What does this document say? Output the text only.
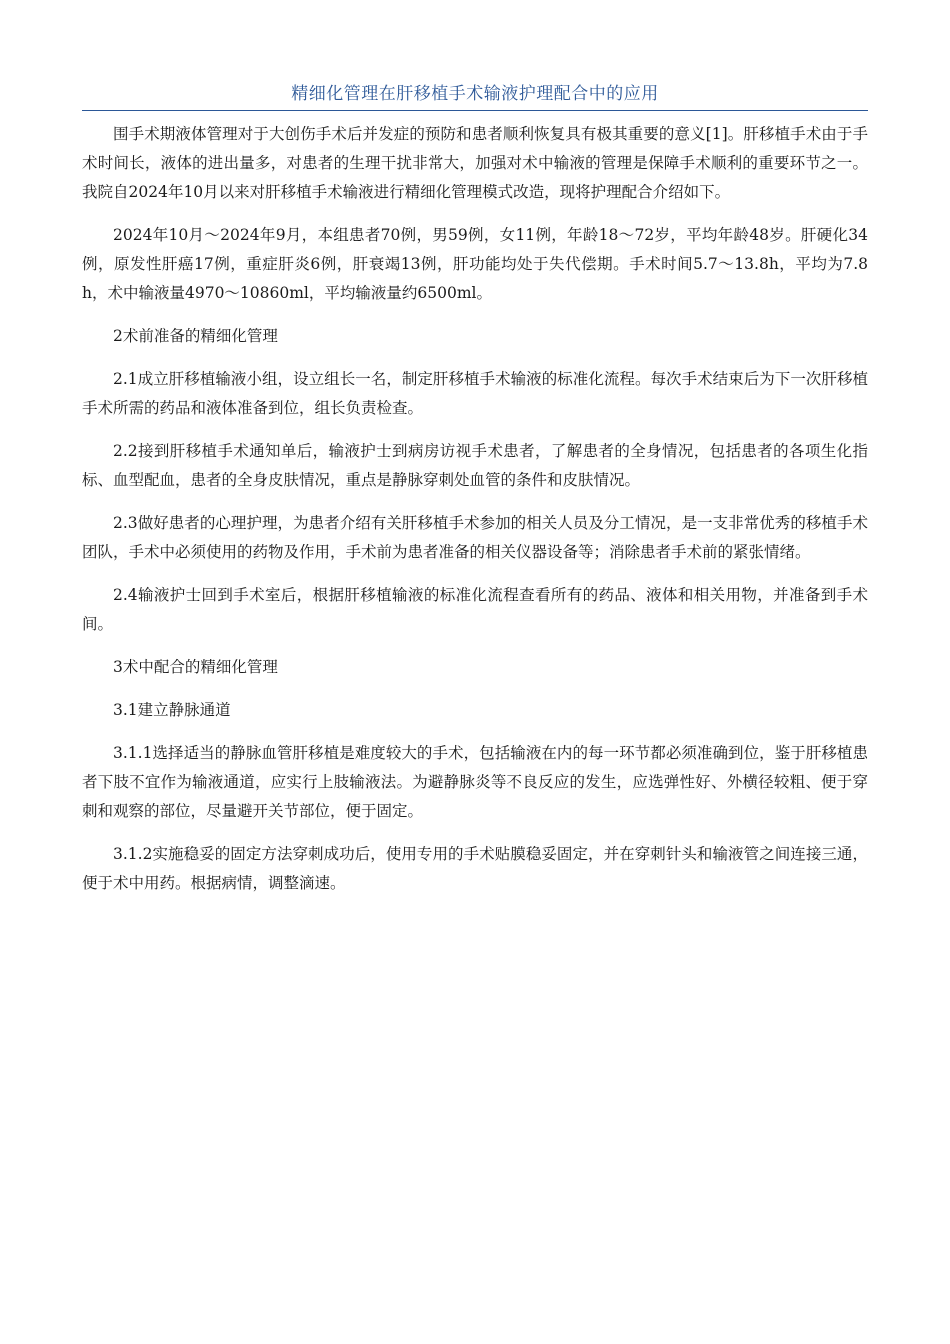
精细化管理在肝移植手术输液护理配合中的应用

围手术期液体管理对于大创伤手术后并发症的预防和患者顺利恢复具有极其重要的意义[1]。肝移植手术由于手术时间长，液体的进出量多，对患者的生理干扰非常大，加强对术中输液的管理是保障手术顺利的重要环节之一。我院自2024年10月以来对肝移植手术输液进行精细化管理模式改造，现将护理配合介绍如下。

2024年10月～2024年9月，本组患者70例，男59例，女11例，年龄18～72岁，平均年龄48岁。肝硬化34例，原发性肝癌17例，重症肝炎6例，肝衰竭13例，肝功能均处于失代偿期。手术时间5.7～13.8h，平均为7.8h，术中输液量4970～10860ml，平均输液量约6500ml。

2术前准备的精细化管理

2.1成立肝移植输液小组，设立组长一名，制定肝移植手术输液的标准化流程。每次手术结束后为下一次肝移植手术所需的药品和液体准备到位，组长负责检查。

2.2接到肝移植手术通知单后，输液护士到病房访视手术患者，了解患者的全身情况，包括患者的各项生化指标、血型配血，患者的全身皮肤情况，重点是静脉穿刺处血管的条件和皮肤情况。

2.3做好患者的心理护理，为患者介绍有关肝移植手术参加的相关人员及分工情况，是一支非常优秀的移植手术团队，手术中必须使用的药物及作用，手术前为患者准备的相关仪器设备等；消除患者手术前的紧张情绪。

2.4输液护士回到手术室后，根据肝移植输液的标准化流程查看所有的药品、液体和相关用物，并准备到手术间。

3术中配合的精细化管理

3.1建立静脉通道

3.1.1选择适当的静脉血管肝移植是难度较大的手术，包括输液在内的每一环节都必须准确到位，鉴于肝移植患者下肢不宜作为输液通道，应实行上肢输液法。为避静脉炎等不良反应的发生，应选弹性好、外横径较粗、便于穿刺和观察的部位，尽量避开关节部位，便于固定。

3.1.2实施稳妥的固定方法穿刺成功后，使用专用的手术贴膜稳妥固定，并在穿刺针头和输液管之间连接三通，便于术中用药。根据病情，调整滴速。
